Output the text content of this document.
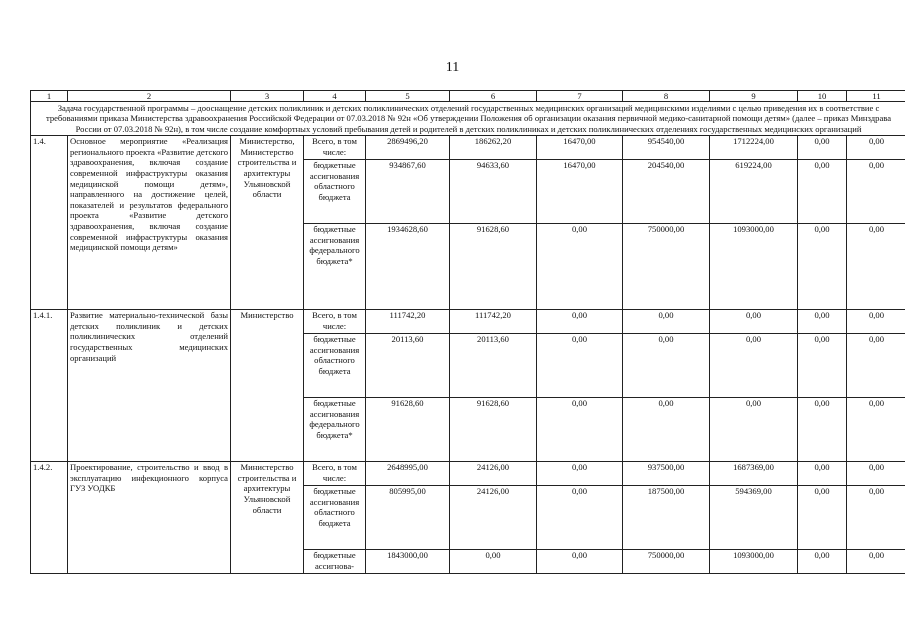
11
1	2	3	4	5	6	7	8	9	10	11
Задача государственной программы – дооснащение детских поликлиник и детских поликлинических отделений государственных медицинских организаций медицинскими изделиями с целью приведения их в соответствие с требованиями приказа Министерства здравоохранения Российской Федерации от 07.03.2018 № 92н «Об утверждении Положения об организации оказания первичной медико-санитарной помощи детям» (далее – приказ Минздрава России от 07.03.2018 № 92н), в том числе создание комфортных условий пребывания детей и родителей в детских поликлиниках и детских поликлинических отделениях государственных медицинских организаций										
1.4.	Основное мероприятие «Реализация регионального проекта «Развитие детского здравоохранения, включая создание современной инфраструктуры оказания медицинской помощи детям», направленного на достижение целей, показателей и результатов федерального проекта «Развитие детского здравоохранения, включая создание современной инфраструктуры оказания медицинской помощи детям»	Министерство, Министерство строительства и архитектуры Ульяновской области	Всего, в том числе:	2869496,20	186262,20	16470,00	954540,00	1712224,00	0,00	0,00
			бюджетные ассигнования областного бюджета	934867,60	94633,60	16470,00	204540,00	619224,00	0,00	0,00
			бюджетные ассигнования федерального бюджета*	1934628,60	91628,60	0,00	750000,00	1093000,00	0,00	0,00
1.4.1.	Развитие материально-технической базы детских поликлиник и детских поликлинических отделений государственных медицинских организаций	Министерство	Всего, в том числе:	111742,20	111742,20	0,00	0,00	0,00	0,00	0,00
			бюджетные ассигнования областного бюджета	20113,60	20113,60	0,00	0,00	0,00	0,00	0,00
			бюджетные ассигнования федерального бюджета*	91628,60	91628,60	0,00	0,00	0,00	0,00	0,00
1.4.2.	Проектирование, строительство и ввод в эксплуатацию инфекционного корпуса ГУЗ УОДКБ	Министерство строительства и архитектуры Ульяновской области	Всего, в том числе:	2648995,00	24126,00	0,00	937500,00	1687369,00	0,00	0,00
			бюджетные ассигнования областного бюджета	805995,00	24126,00	0,00	187500,00	594369,00	0,00	0,00
			бюджетные ассигнова-	1843000,00	0,00	0,00	750000,00	1093000,00	0,00	0,00
